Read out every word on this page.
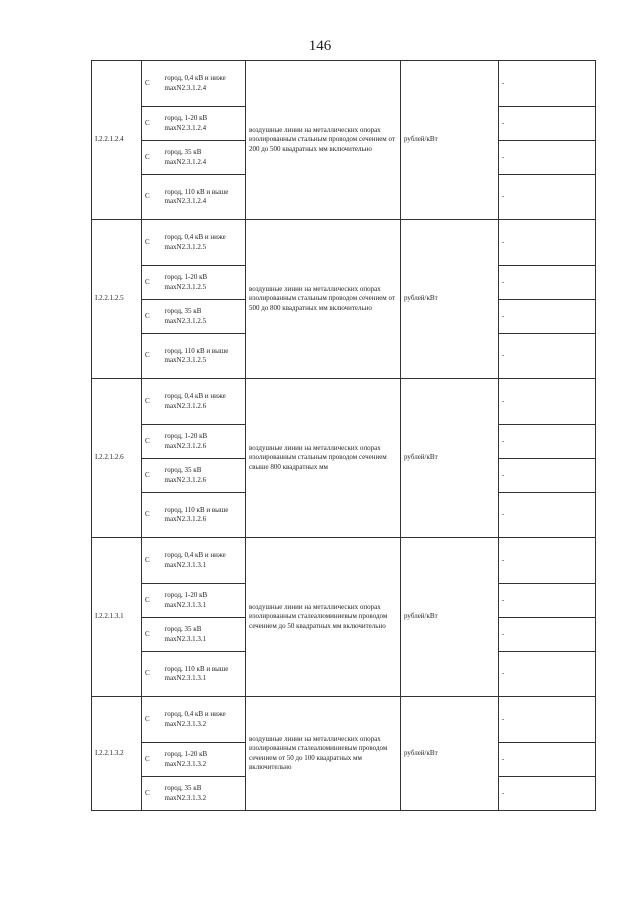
146
I.2.2.1.2.4	С	город, 0,4 кВ и ниже maxN2.3.1.2.4	воздушные линии на металлических опорах изолированным стальным проводом сечением от 200 до 500 квадратных мм включительно	рублей/кВт	-
	С	город, 1-20 кВ maxN2.3.1.2.4			-
	С	город, 35 кВ maxN2.3.1.2.4			-
	С	город, 110 кВ и выше maxN2.3.1.2.4			-
I.2.2.1.2.5	С	город, 0,4 кВ и ниже maxN2.3.1.2.5	воздушные линии на металлических опорах изолированным стальным проводом сечением от 500 до 800 квадратных мм включительно	рублей/кВт	-
	С	город, 1-20 кВ maxN2.3.1.2.5			-
	С	город, 35 кВ maxN2.3.1.2.5			-
	С	город, 110 кВ и выше maxN2.3.1.2.5			-
I.2.2.1.2.6	С	город, 0,4 кВ и ниже maxN2.3.1.2.6	воздушные линии на металлических опорах изолированным стальным проводом сечением свыше 800 квадратных мм	рублей/кВт	-
	С	город, 1-20 кВ maxN2.3.1.2.6			-
	С	город, 35 кВ maxN2.3.1.2.6			-
	С	город, 110 кВ и выше maxN2.3.1.2.6			-
I.2.2.1.3.1	С	город, 0,4 кВ и ниже maxN2.3.1.3.1	воздушные линии на металлических опорах изолированным сталеалюминиевым проводом сечением до 50 квадратных мм включительно	рублей/кВт	-
	С	город, 1-20 кВ maxN2.3.1.3.1			-
	С	город, 35 кВ maxN2.3.1.3.1			-
	С	город, 110 кВ и выше maxN2.3.1.3.1			-
I.2.2.1.3.2	С	город, 0,4 кВ и ниже maxN2.3.1.3.2	воздушные линии на металлических опорах изолированным сталеалюминиевым проводом сечением от 50 до 100 квадратных мм включительно	рублей/кВт	-
	С	город, 1-20 кВ maxN2.3.1.3.2			-
	С	город, 35 кВ maxN2.3.1.3.2			-
